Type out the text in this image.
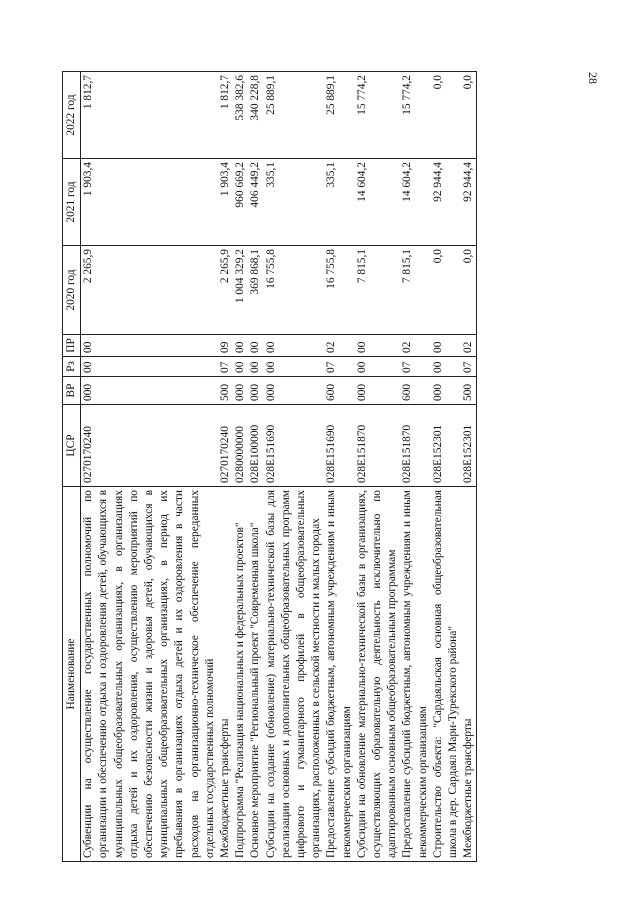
28
Наименование	ЦСР	ВР	Рз	ПР	2020 год	2021 год	2022 год
Субвенции на осуществление государственных полномочий по организации и обеспечению отдыха и оздоровления детей, обучающихся в муниципальных общеобразовательных организациях, в организациях отдыха детей и их оздоровления, осуществлению мероприятий по обеспечению безопасности жизни и здоровья детей, обучающихся в муниципальных общеобразовательных организациях, в период их пребывания в организациях отдыха детей и их оздоровления в части расходов на организационно-техническое обеспечение переданных отдельных государственных полномочий	0270170240	000	00	00	2 265,9	1 903,4	1 812,7
Межбюджетные трансферты	0270170240	500	07	09	2 265,9	1 903,4	1 812,7
Подпрограмма "Реализация национальных и федеральных проектов"	0280000000	000	00	00	1 004 329,2	960 669,2	538 382,6
Основное мероприятие "Региональный проект "Современная школа"	028E100000	000	00	00	369 868,1	406 449,2	340 228,8
Субсидии на создание (обновление) материально-технической базы для реализации основных и дополнительных общеобразовательных программ цифрового и гуманитарного профилей в общеобразовательных организациях, расположенных в сельской местности и малых городах	028E151690	000	00	00	16 755,8	335,1	25 889,1
Предоставление субсидий бюджетным, автономным учреждениям и иным некоммерческим организациям	028E151690	600	07	02	16 755,8	335,1	25 889,1
Субсидии на обновление материально-технической базы в организациях, осуществляющих образовательную деятельность исключительно по адаптированным основным общеобразовательным программам	028E151870	000	00	00	7 815,1	14 604,2	15 774,2
Предоставление субсидий бюджетным, автономным учреждениям и иным некоммерческим организациям	028E151870	600	07	02	7 815,1	14 604,2	15 774,2
Строительство объекта: "Сардаяльская основная общеобразовательная школа в дер. Сардаял Мари-Турекского района"	028E152301	000	00	00	0,0	92 944,4	0,0
Межбюджетные трансферты	028E152301	500	07	02	0,0	92 944,4	0,0
